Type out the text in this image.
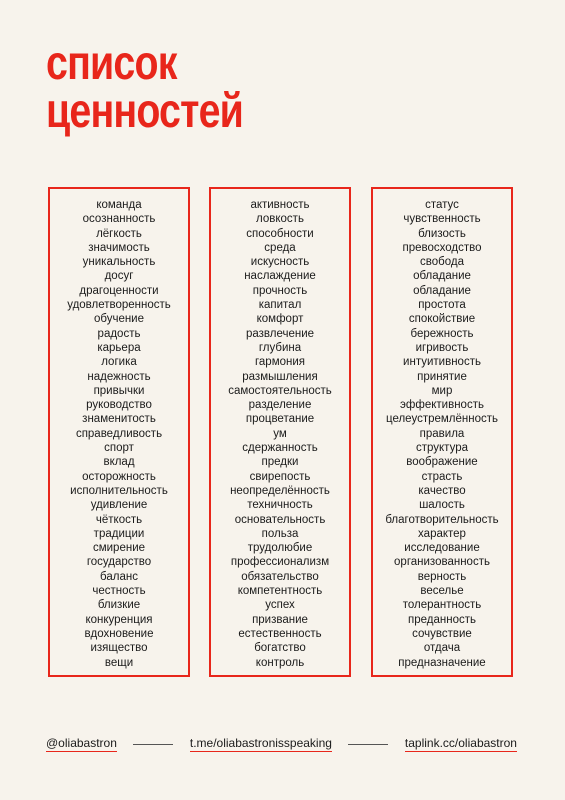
список
ценностей
команда
осознанность
лёгкость
значимость
уникальность
досуг
драгоценности
удовлетворенность
обучение
радость
карьера
логика
надежность
привычки
руководство
знаменитость
справедливость
спорт
вклад
осторожность
исполнительность
удивление
чёткость
традиции
смирение
государство
баланс
честность
близкие
конкуренция
вдохновение
изящество
вещи
активность
ловкость
способности
среда
искусность
наслаждение
прочность
капитал
комфорт
развлечение
глубина
гармония
размышления
самостоятельность
разделение
процветание
ум
сдержанность
предки
свирепость
неопределённость
техничность
основательность
польза
трудолюбие
профессионализм
обязательство
компетентность
успех
призвание
естественность
богатство
контроль
статус
чувственность
близость
превосходство
свобода
обладание
обладание
простота
спокойствие
бережность
игривость
интуитивность
принятие
мир
эффективность
целеустремлённость
правила
структура
воображение
страсть
качество
шалость
благотворительность
характер
исследование
организованность
верность
веселье
толерантность
преданность
сочувствие
отдача
предназначение
@oliabastron	t.me/oliabastronisspeaking	taplink.cc/oliabastron
